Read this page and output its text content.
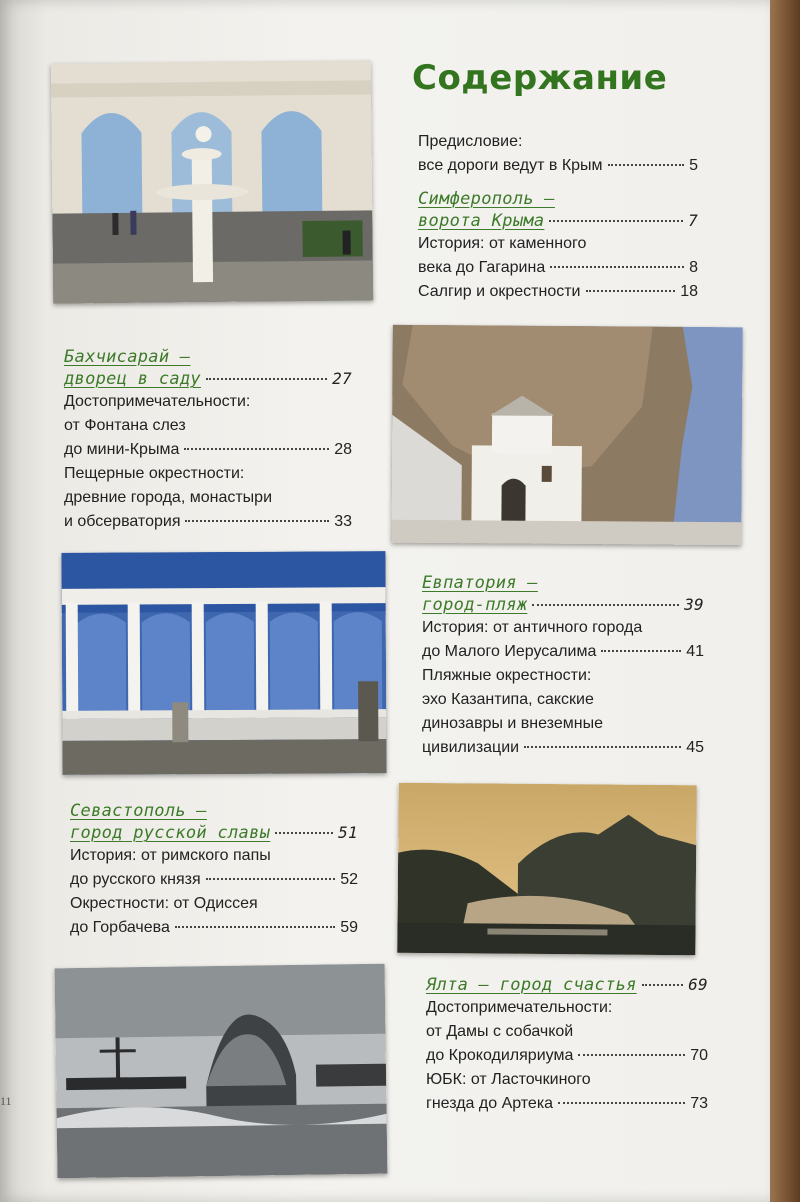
Содержание
Предисловие:
все дороги ведут в Крым	5
Симферополь –
ворота Крыма	7
История: от каменного
века до Гагарина	8
Салгир и окрестности	18
Бахчисарай –
дворец в саду	27
Достопримечательности:
от Фонтана слез
до мини-Крыма	28
Пещерные окрестности:
древние города, монастыри
и обсерватория	33
Евпатория –
город-пляж	39
История: от античного города
до Малого Иерусалима	41
Пляжные окрестности:
эхо Казантипа, сакские
динозавры и внеземные
цивилизации	45
Севастополь –
город русской славы	51
История: от римского папы
до русского князя	52
Окрестности: от Одиссея
до Горбачева	59
Ялта – город счастья	69
Достопримечательности:
от Дамы с собачкой
до Крокодиляриума	70
ЮБК: от Ласточкиного
гнезда до Артека	73
11
